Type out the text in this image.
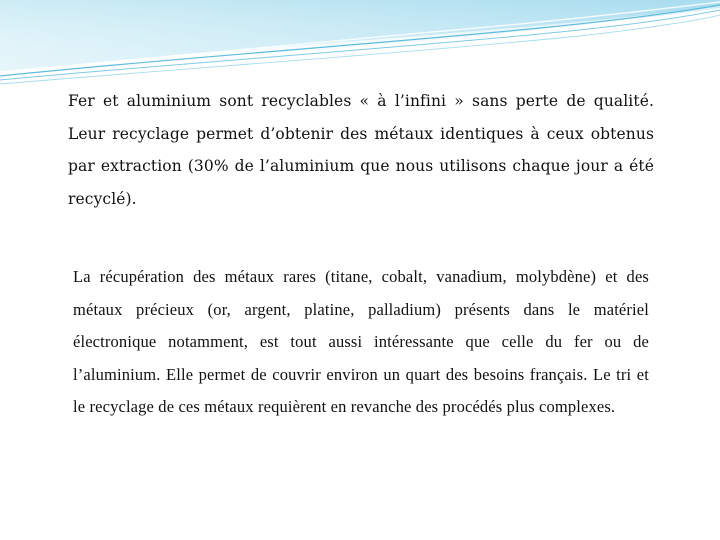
Fer et aluminium sont recyclables « à l’infini » sans perte de qualité. Leur recyclage permet d’obtenir des métaux identiques à ceux obtenus par extraction (30% de l’aluminium que nous utilisons chaque jour a été recyclé).

La récupération des métaux rares (titane, cobalt, vanadium, molybdène) et des métaux précieux (or, argent, platine, palladium) présents dans le matériel électronique notamment, est tout aussi intéressante que celle du fer ou de l’aluminium. Elle permet de couvrir environ un quart des besoins français. Le tri et le recyclage de ces métaux requièrent en revanche des procédés plus complexes.
